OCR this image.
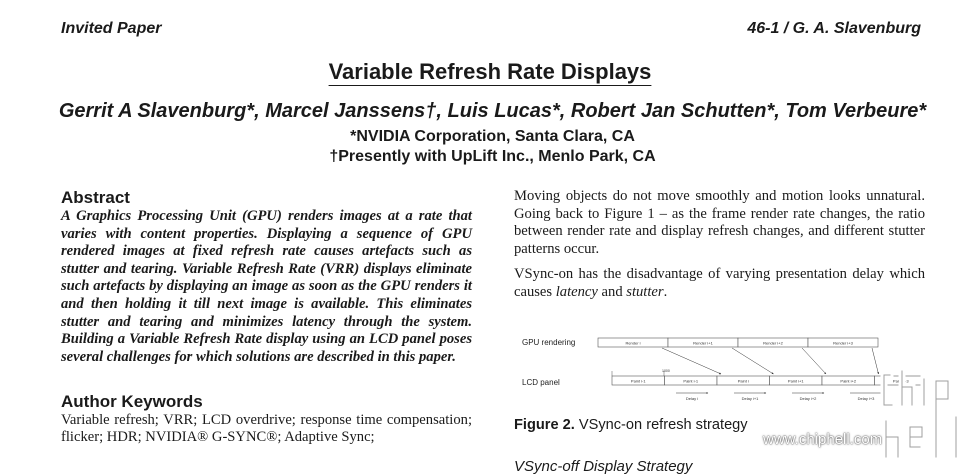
Invited Paper	46-1 / G. A. Slavenburg
Variable Refresh Rate Displays
Gerrit A Slavenburg*, Marcel Janssens†, Luis Lucas*, Robert Jan Schutten*, Tom Verbeure*
*NVIDIA Corporation, Santa Clara, CA
†Presently with UpLift Inc., Menlo Park, CA
Abstract
A Graphics Processing Unit (GPU) renders images at a rate that varies with content properties. Displaying a sequence of GPU rendered images at fixed refresh rate causes artefacts such as stutter and tearing. Variable Refresh Rate (VRR) displays eliminate such artefacts by displaying an image as soon as the GPU renders it and then holding it till next image is available. This eliminates stutter and tearing and minimizes latency through the system. Building a Variable Refresh Rate display using an LCD panel poses several challenges for which solutions are described in this paper.
Author Keywords
Variable refresh; VRR; LCD overdrive; response time compensation; flicker; HDR; NVIDIA® G-SYNC®; Adaptive Sync;

Moving objects do not move smoothly and motion looks unnatural. Going back to Figure 1 – as the frame render rate changes, the ratio between render rate and display refresh changes, and different stutter patterns occur.

VSync-on has the disadvantage of varying presentation delay which causes latency and stutter.

GPU rendering
LCD panel
Render i	Render i+1	Render i+2	Render i+3
Paint i-1	Paint i-1	Paint i	Paint i+1	Paint i+2	Paint i+3
Delay i	Delay i+1	Delay i+2	Delay i+3
1000
Figure 2. VSync-on refresh strategy
VSync-off Display Strategy
www.chiphell.com
